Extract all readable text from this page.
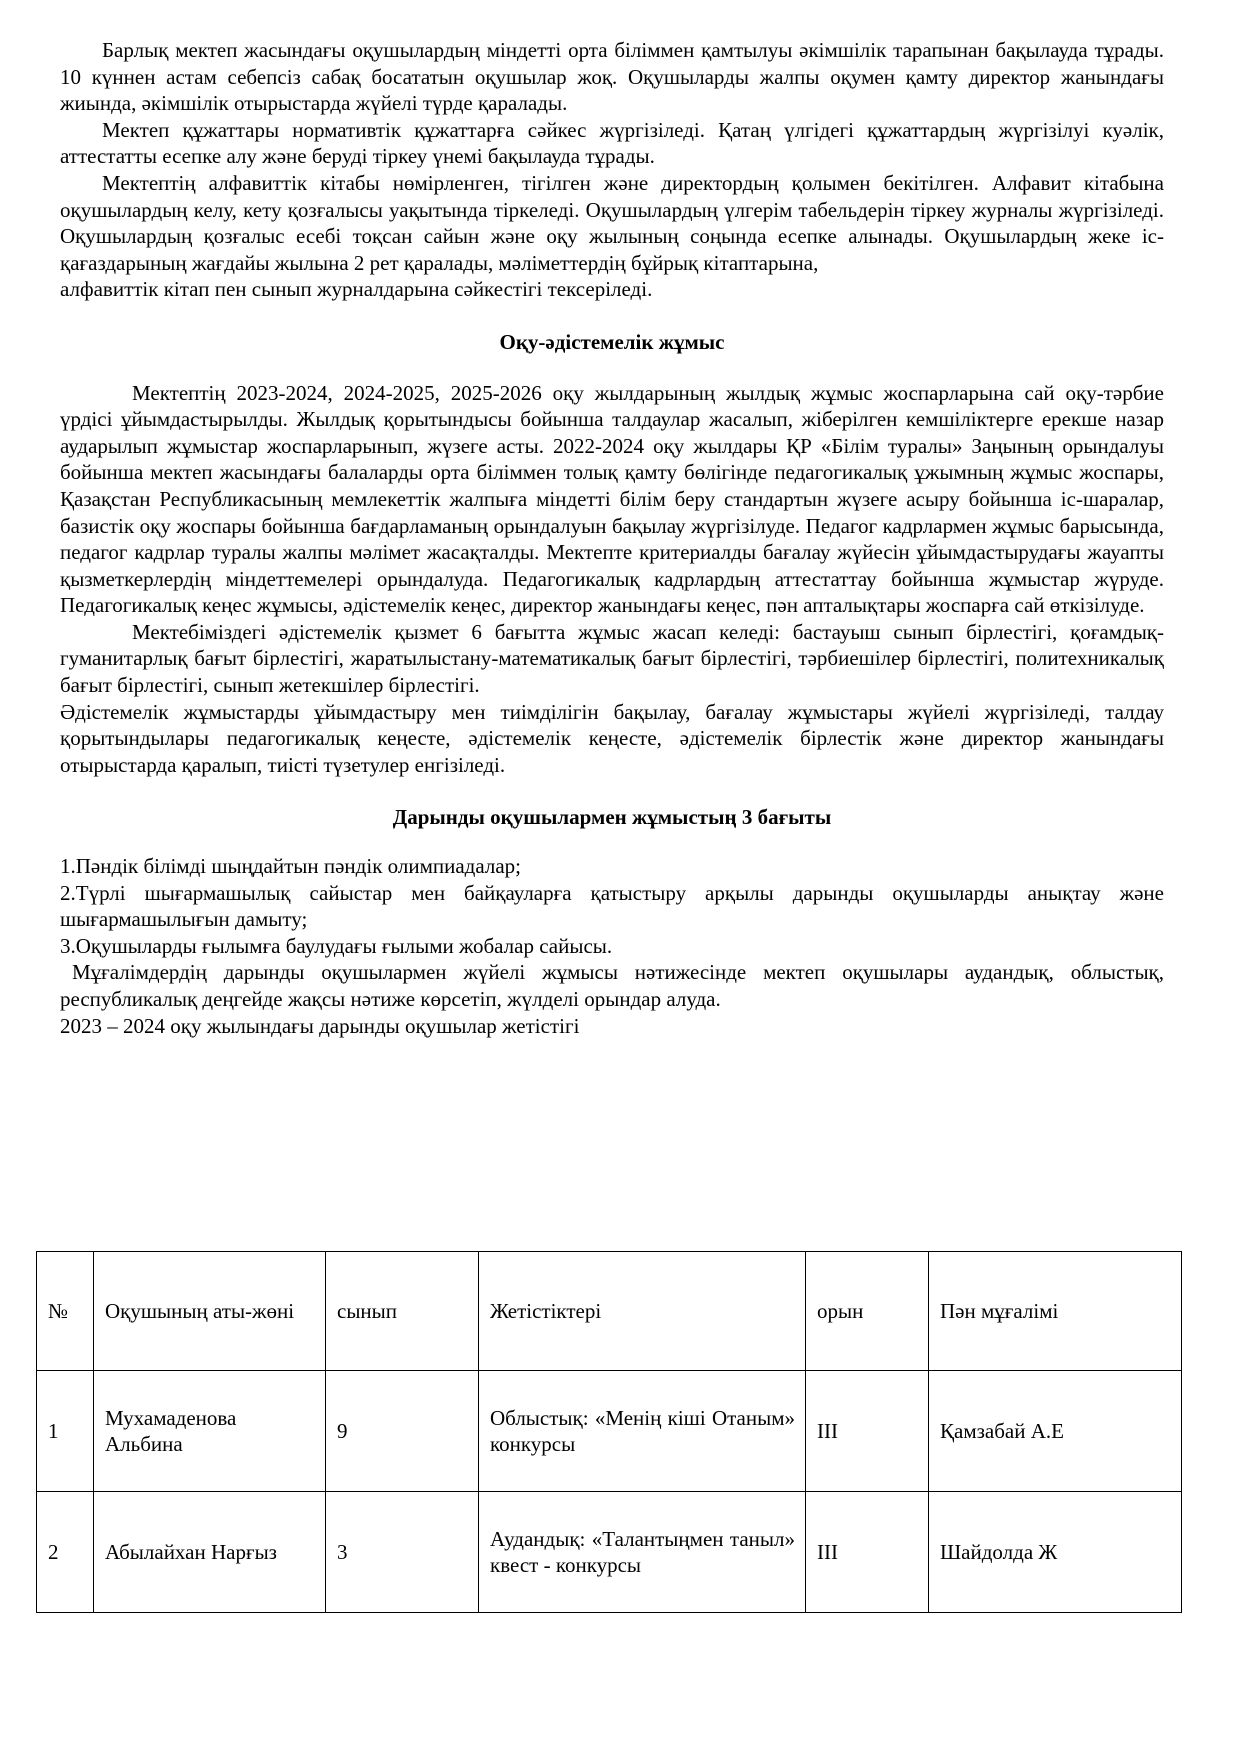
Барлық мектеп жасындағы оқушылардың міндетті орта біліммен қамтылуы әкімшілік тарапынан бақылауда тұрады. 10 күннен астам себепсіз сабақ босататын оқушылар жоқ. Оқушыларды жалпы оқумен қамту директор жанындағы жиында, әкімшілік отырыстарда жүйелі түрде қаралады.

Мектеп құжаттары нормативтік құжаттарға сәйкес жүргізіледі. Қатаң үлгідегі құжаттардың жүргізілуі куәлік, аттестатты есепке алу және беруді тіркеу үнемі бақылауда тұрады.

Мектептің алфавиттік кітабы нөмірленген, тігілген және директордың қолымен бекітілген. Алфавит кітабына оқушылардың келу, кету қозғалысы уақытында тіркеледі. Оқушылардың үлгерім табельдерін тіркеу журналы жүргізіледі. Оқушылардың қозғалыс есебі тоқсан сайын және оқу жылының соңында есепке алынады. Оқушылардың жеке іс-қағаздарының жағдайы жылына 2 рет қаралады, мәліметтердің бұйрық кітаптарына,

алфавиттік кітап пен сынып журналдарына сәйкестігі тексеріледі.

Оқу-әдістемелік жұмыс

Мектептің 2023-2024, 2024-2025, 2025-2026 оқу жылдарының жылдық жұмыс жоспарларына сай оқу-тәрбие үрдісі ұйымдастырылды. Жылдық қорытындысы бойынша талдаулар жасалып, жіберілген кемшіліктерге ерекше назар аударылып жұмыстар жоспарларынып, жүзеге асты. 2022-2024 оқу жылдары ҚР «Білім туралы» Заңының орындалуы бойынша мектеп жасындағы балаларды орта біліммен толық қамту бөлігінде педагогикалық ұжымның жұмыс жоспары, Қазақстан Республикасының мемлекеттік жалпыға міндетті білім беру стандартын жүзеге асыру бойынша іс-шаралар, базистік оқу жоспары бойынша бағдарламаның орындалуын бақылау жүргізілуде. Педагог кадрлармен жұмыс барысында, педагог кадрлар туралы жалпы мәлімет жасақталды. Мектепте критериалды бағалау жүйесін ұйымдастырудағы жауапты қызметкерлердің міндеттемелері орындалуда. Педагогикалық кадрлардың аттестаттау бойынша жұмыстар жүруде. Педагогикалық кеңес жұмысы, әдістемелік кеңес, директор жанындағы кеңес, пән апталықтары жоспарға сай өткізілуде.

Мектебіміздегі әдістемелік қызмет 6 бағытта жұмыс жасап келеді: бастауыш сынып бірлестігі, қоғамдық-гуманитарлық бағыт бірлестігі, жаратылыстану-математикалық бағыт бірлестігі, тәрбиешілер бірлестігі, политехникалық бағыт бірлестігі, сынып жетекшілер бірлестігі.

Әдістемелік жұмыстарды ұйымдастыру мен тиімділігін бақылау, бағалау жұмыстары жүйелі жүргізіледі, талдау қорытындылары педагогикалық кеңесте, әдістемелік кеңесте, әдістемелік бірлестік және директор жанындағы отырыстарда қаралып, тиісті түзетулер енгізіледі.

Дарынды оқушылармен жұмыстың 3 бағыты

1.Пәндік білімді шыңдайтын пәндік олимпиадалар;

2.Түрлі шығармашылық сайыстар мен байқауларға қатыстыру арқылы дарынды оқушыларды анықтау және шығармашылығын дамыту;

3.Оқушыларды ғылымға баулудағы ғылыми жобалар сайысы.

Мұғалімдердің дарынды оқушылармен жүйелі жұмысы нәтижесінде мектеп оқушылары аудандық, облыстық, республикалық деңгейде жақсы нәтиже көрсетіп, жүлделі орындар алуда.

2023 – 2024 оқу жылындағы дарынды оқушылар жетістігі

№	Оқушының аты-жөні	сынып	Жетістіктері	орын	Пән мұғалімі
1	Мухамаденова Альбина	9	Облыстық: «Менің кіші Отаным» конкурсы	III	Қамзабай А.Е
2	Абылайхан Нарғыз	3	Аудандық: «Талантыңмен таныл» квест - конкурсы	III	Шайдолда Ж
